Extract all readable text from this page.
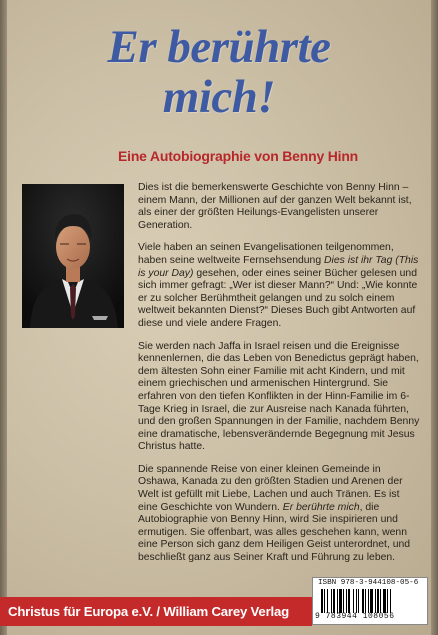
Er berührte
mich!
Eine Autobiographie von Benny Hinn

Dies ist die bemerkenswerte Geschichte von Benny Hinn – einem Mann, der Millionen auf der ganzen Welt bekannt ist, als einer der größten Heilungs-Evangelisten unserer Generation.

Viele haben an seinen Evangelisationen teilgenommen, haben seine weltweite Fernsehsendung Dies ist ihr Tag (This is your Day) gesehen, oder eines seiner Bücher gelesen und sich immer gefragt: „Wer ist dieser Mann?“ Und: „Wie konnte er zu solcher Berühmtheit gelangen und zu solch einem weltweit bekannten Dienst?“ Dieses Buch gibt Antworten auf diese und viele andere Fragen.

Sie werden nach Jaffa in Israel reisen und die Ereignisse kennenlernen, die das Leben von Benedictus geprägt haben, dem ältesten Sohn einer Familie mit acht Kindern, und mit einem griechischen und armenischen Hintergrund. Sie erfahren von den tiefen Konflikten in der Hinn-Familie im 6-Tage Krieg in Israel, die zur Ausreise nach Kanada führten, und den großen Spannungen in der Familie, nachdem Benny eine dramatische, lebensverändernde Begegnung mit Jesus Christus hatte.

Die spannende Reise von einer kleinen Gemeinde in Oshawa, Kanada zu den größten Stadien und Arenen der Welt ist gefüllt mit Liebe, Lachen und auch Tränen. Es ist eine Geschichte von Wundern. Er berührte mich, die Autobiographie von Benny Hinn, wird Sie inspirieren und ermutigen. Sie offenbart, was alles geschehen kann, wenn eine Person sich ganz dem Heiligen Geist unterordnet, und beschließt ganz aus Seiner Kraft und Führung zu leben.

Christus für Europa e.V. / William Carey Verlag
ISBN 978-3-944108-05-6
9 783944 108056
